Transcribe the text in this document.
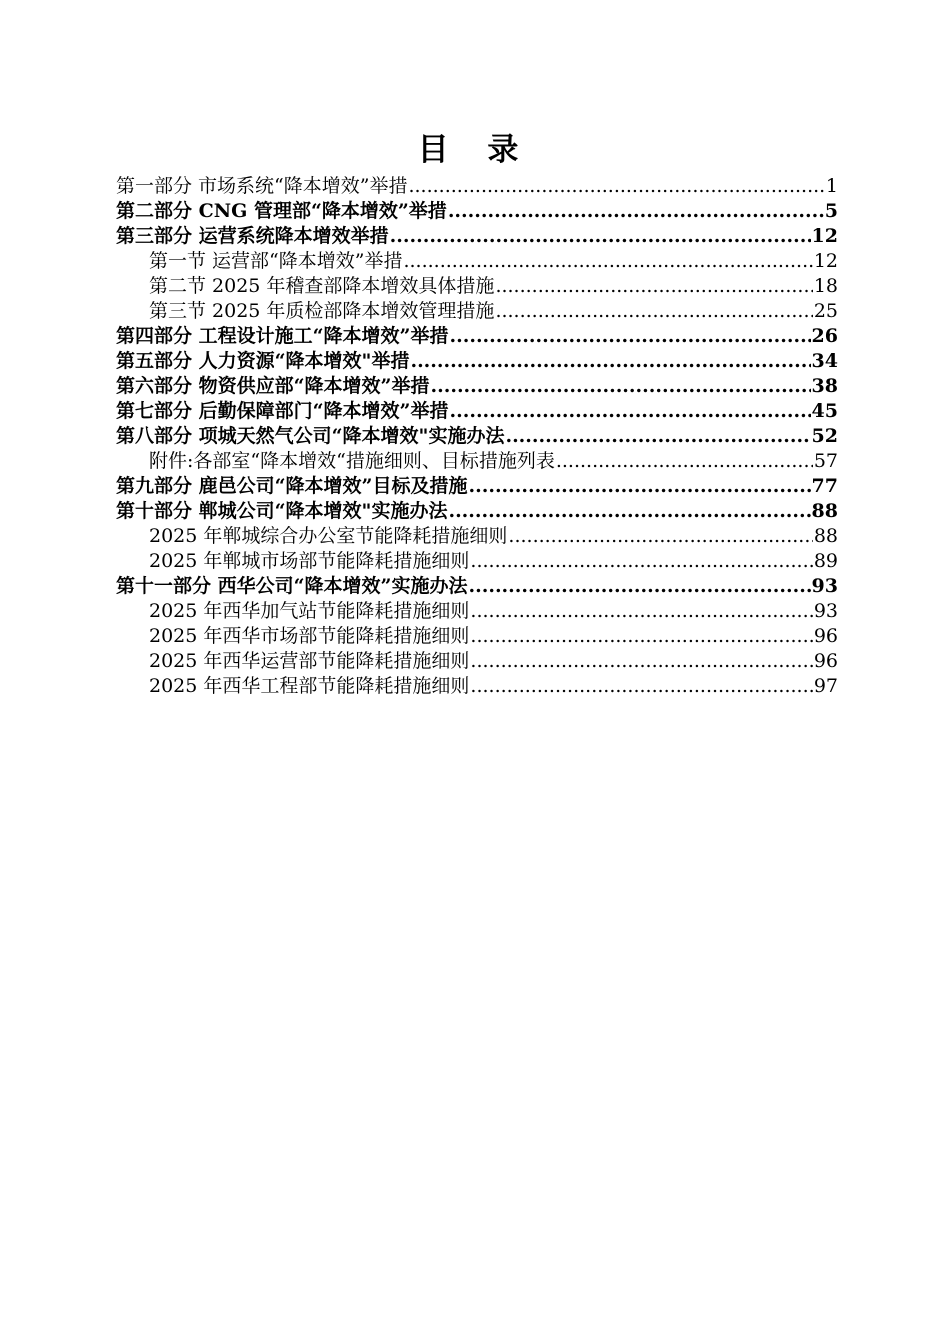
目 录
第一部分 市场系统“降本增效”举措 .....	1
第二部分 CNG 管理部“降本增效”举措 .....	5
第三部分 运营系统降本增效举措 .....	12
第一节 运营部“降本增效”举措 .....	12
第二节 2025 年稽查部降本增效具体措施 .....	18
第三节 2025 年质检部降本增效管理措施 .....	25
第四部分 工程设计施工“降本增效”举措 .....	26
第五部分 人力资源“降本增效"举措 .....	34
第六部分 物资供应部“降本增效”举措 .....	38
第七部分 后勤保障部门“降本增效”举措 .....	45
第八部分 项城天然气公司“降本增效"实施办法 .....	52
附件:各部室“降本增效“措施细则、目标措施列表 .....	57
第九部分 鹿邑公司“降本增效”目标及措施 .....	77
第十部分 郸城公司“降本增效"实施办法 .....	88
2025 年郸城综合办公室节能降耗措施细则 .....	88
2025 年郸城市场部节能降耗措施细则 .....	89
第十一部分 西华公司“降本增效”实施办法 .....	93
2025 年西华加气站节能降耗措施细则 .....	93
2025 年西华市场部节能降耗措施细则 .....	96
2025 年西华运营部节能降耗措施细则 .....	96
2025 年西华工程部节能降耗措施细则 .....	97
